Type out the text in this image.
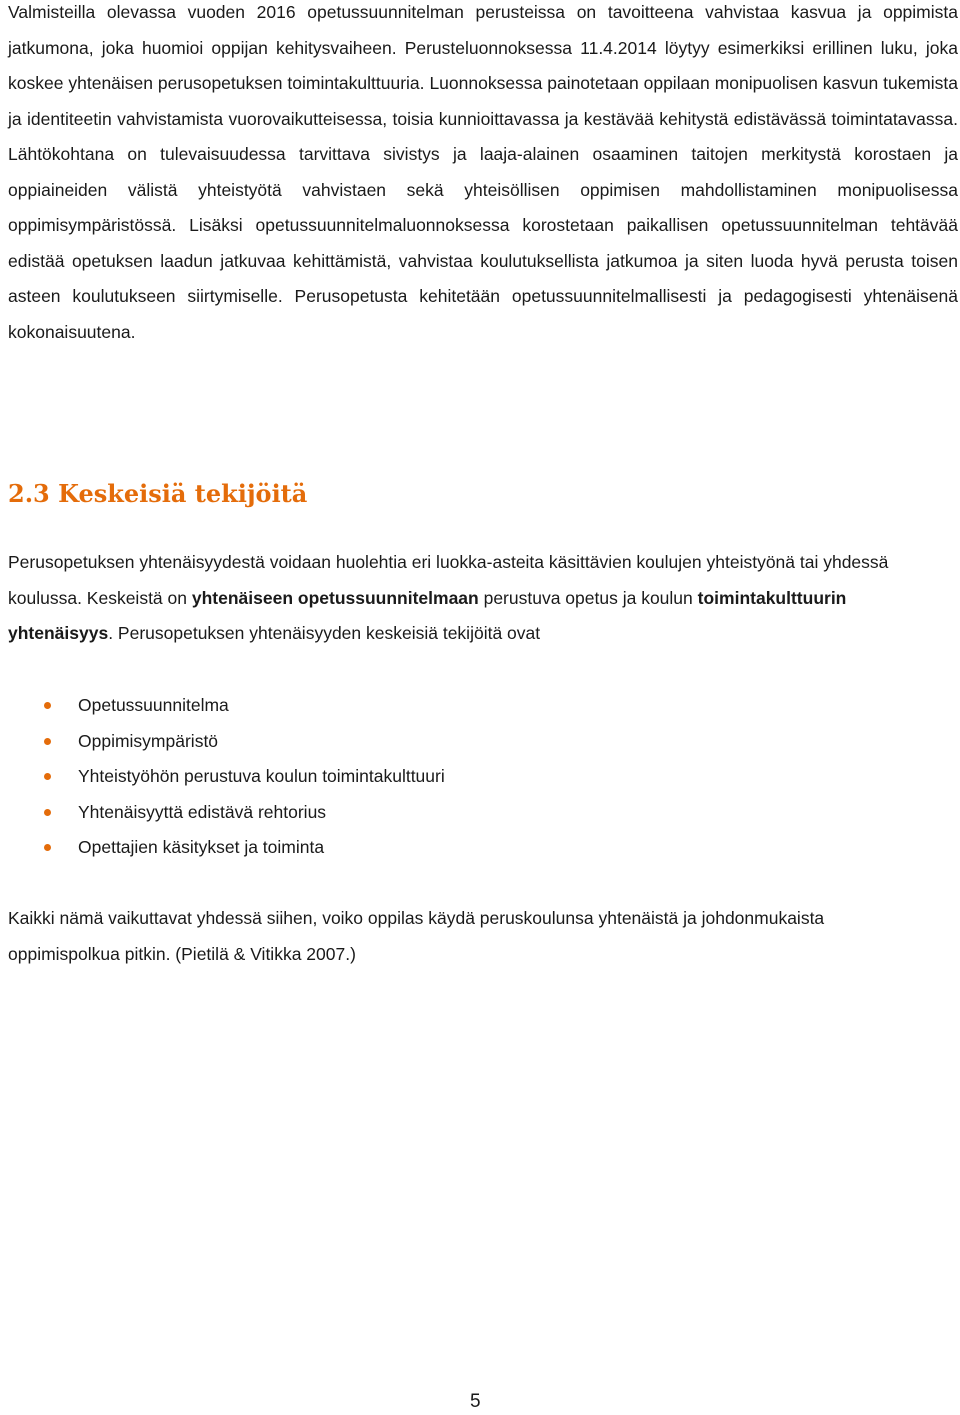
Valmisteilla olevassa vuoden 2016 opetussuunnitelman perusteissa on tavoitteena vahvistaa kasvua ja oppimista jatkumona, joka huomioi oppijan kehitysvaiheen. Perusteluonnoksessa 11.4.2014 löytyy esimerkiksi erillinen luku, joka koskee yhtenäisen perusopetuksen toimintakulttuuria. Luonnoksessa painotetaan oppilaan monipuolisen kasvun tukemista ja identiteetin vahvistamista vuorovaikutteisessa, toisia kunnioittavassa ja kestävää kehitystä edistävässä toimintatavassa. Lähtökohtana on tulevaisuudessa tarvittava sivistys ja laaja-alainen osaaminen taitojen merkitystä korostaen ja oppiaineiden välistä yhteistyötä vahvistaen sekä yhteisöllisen oppimisen mahdollistaminen monipuolisessa oppimisympäristössä. Lisäksi opetussuunnitelmaluonnoksessa korostetaan paikallisen opetussuunnitelman tehtävää edistää opetuksen laadun jatkuvaa kehittämistä, vahvistaa koulutuksellista jatkumoa ja siten luoda hyvä perusta toisen asteen koulutukseen siirtymiselle. Perusopetusta kehitetään opetussuunnitelmallisesti ja pedagogisesti yhtenäisenä kokonaisuutena.

2.3 Keskeisiä tekijöitä

Perusopetuksen yhtenäisyydestä voidaan huolehtia eri luokka-asteita käsittävien koulujen yhteistyönä tai yhdessä koulussa. Keskeistä on yhtenäiseen opetussuunnitelmaan perustuva opetus ja koulun toimintakulttuurin yhtenäisyys. Perusopetuksen yhtenäisyyden keskeisiä tekijöitä ovat

Opetussuunnitelma
Oppimisympäristö
Yhteistyöhön perustuva koulun toimintakulttuuri
Yhtenäisyyttä edistävä rehtorius
Opettajien käsitykset ja toiminta

Kaikki nämä vaikuttavat yhdessä siihen, voiko oppilas käydä peruskoulunsa yhtenäistä ja johdonmukaista oppimispolkua pitkin. (Pietilä & Vitikka 2007.)

5
